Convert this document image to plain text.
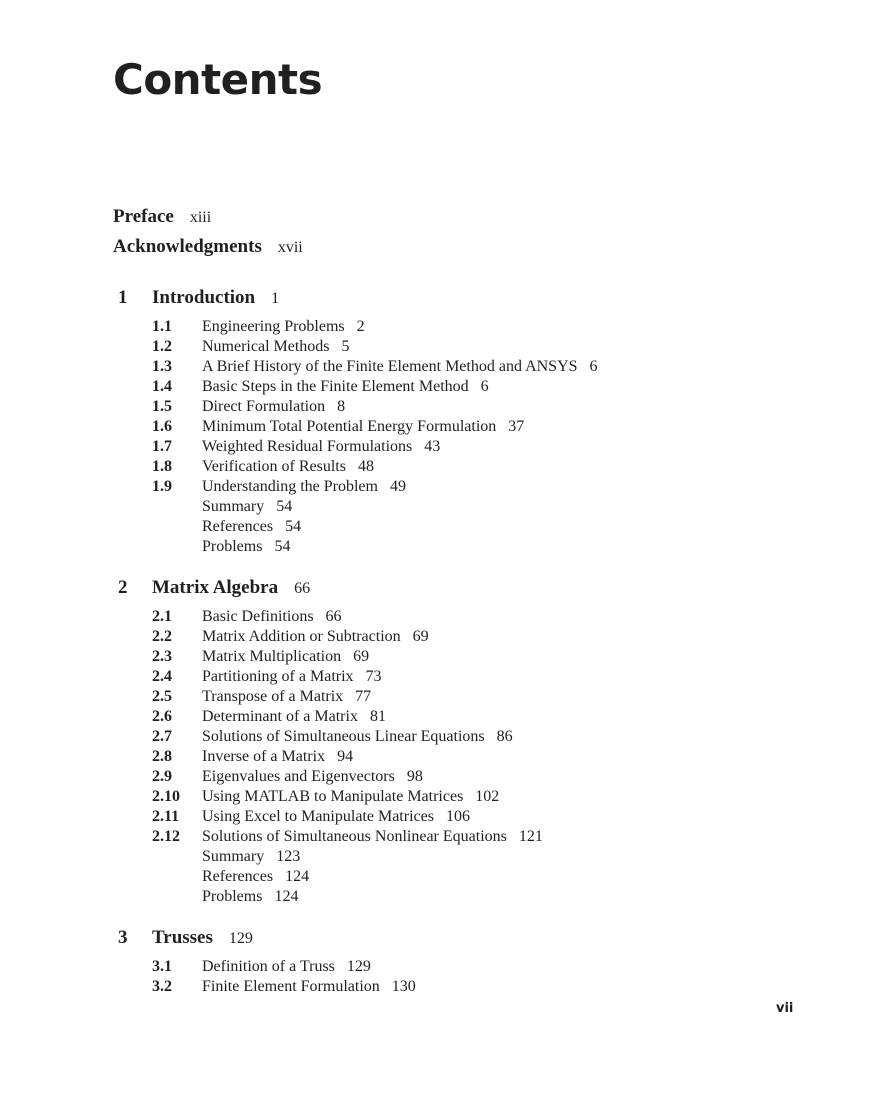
Contents
Preface xiii
Acknowledgments xvii
1 Introduction 1
1.1 Engineering Problems 2
1.2 Numerical Methods 5
1.3 A Brief History of the Finite Element Method and ANSYS 6
1.4 Basic Steps in the Finite Element Method 6
1.5 Direct Formulation 8
1.6 Minimum Total Potential Energy Formulation 37
1.7 Weighted Residual Formulations 43
1.8 Verification of Results 48
1.9 Understanding the Problem 49
Summary 54
References 54
Problems 54
2 Matrix Algebra 66
2.1 Basic Definitions 66
2.2 Matrix Addition or Subtraction 69
2.3 Matrix Multiplication 69
2.4 Partitioning of a Matrix 73
2.5 Transpose of a Matrix 77
2.6 Determinant of a Matrix 81
2.7 Solutions of Simultaneous Linear Equations 86
2.8 Inverse of a Matrix 94
2.9 Eigenvalues and Eigenvectors 98
2.10 Using MATLAB to Manipulate Matrices 102
2.11 Using Excel to Manipulate Matrices 106
2.12 Solutions of Simultaneous Nonlinear Equations 121
Summary 123
References 124
Problems 124
3 Trusses 129
3.1 Definition of a Truss 129
3.2 Finite Element Formulation 130
vii
